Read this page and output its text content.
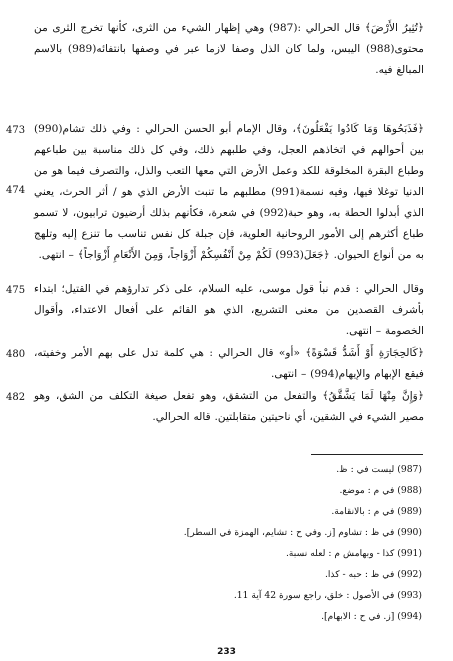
﴿تُثِيرُ الأَرْضَ﴾ قال الحرالي :(987) وهي إظهار الشيء من الثرى، كأنها تخرج الثرى من محتوى(988) اليبس، ولما كان الذل وصفا لازما عبر في وصفها بانتفائه(989) بالاسم المبالغ فيه.
473 ﴿فَذَبَحُوهَا وَمَا كَادُوا يَفْعَلُونَ﴾، وقال الإمام أبو الحسن الحرالي : وفي ذلك تشام(990) بين أحوالهم في اتخاذهم العجل، وفي طلبهم ذلك، وفي كل ذلك مناسبة بين طباعهم وطباع البقرة المخلوقة للكد وعمل الأرض التي معها التعب والذل، والتصرف فيما هو من الدنيا توغلا فيها، وفيه نسمة(991) مطلبهم ما تنبت الأرض الذي هو / أثر الحرث، يعني الذي أبدلوا الحطة به، وهو حبة(992) في شعرة، فكأنهم بذلك أرضيون ترابيون، لا تسمو طباع أكثرهم إلى الأمور الروحانية العلوية، فإن جبلة كل نفس تناسب ما تنزع إليه وتلهج به من أنواع الحيوان. ﴿جَعَلَ(993) لَكُمْ مِنْ أَنْفُسِكُمْ أَزْوَاجاً، وَمِنَ الأَنْعَامِ أَزْوَاجاً﴾ – انتهى.
474
وقال الحرالي : قدم نبأ قول موسى، عليه السلام، على ذكر تدارؤهم في القتيل؛ ابتداء بأشرف القصدين من معنى التشريع، الذي هو القائم على أفعال الاعتداء، وأقوال الخصومة – انتهى.
475
480 ﴿كَالحِجَارَةِ أَوْ أَشَدُّ قَسْوَةً﴾ «أو» قال الحرالي : هي كلمة تدل على بهم الأمر وخفيته، فيقع الإبهام والإيهام(994) – انتهى.
482 ﴿وَإِنَّ مِنْهَا لَمَا يَشَّقَّقُ﴾ والتفعل من التشقق، وهو تفعل صيغة التكلف من الشق، وهو مصير الشيء في الشقين، أي ناحيتين متقابلتين. قاله الحرالي.
(987) ليست في : ظ.
(988) في م : موضع.
(989) في م : بالانقامة.
(990) في ظ : تشاوم [ز. وفي ح : تشايم، الهمزة في السطر].
(991) كذا - وبهامش م : لعله نسبة.
(992) في ظ : حبه - كذا.
(993) في الأصول : خلق، راجع سورة 42 آية 11.
(994) [ز. في ح : الابهام].
233
